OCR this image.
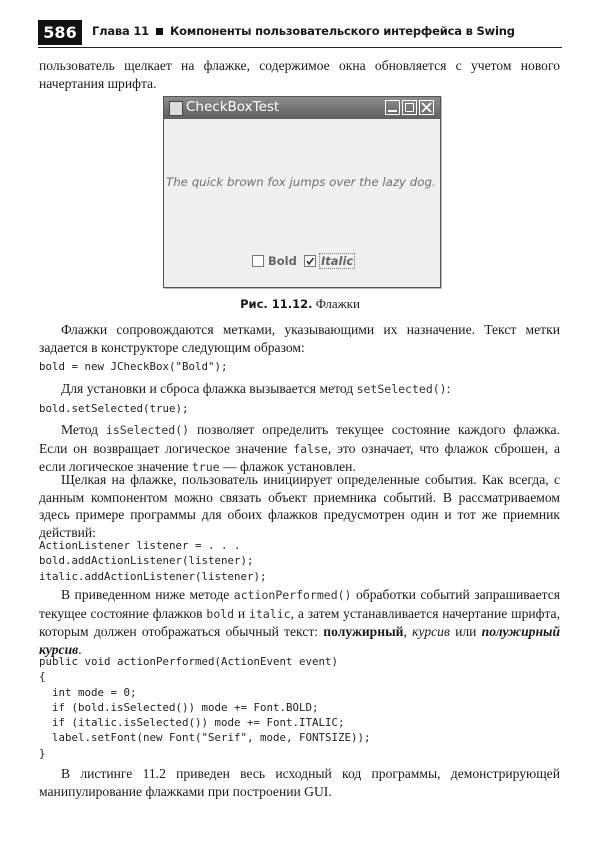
586	Глава 11 Компоненты пользовательского интерфейса в Swing

пользователь щелкает на флажке, содержимое окна обновляется с учетом нового начертания шрифта.

CheckBoxTest
The quick brown fox jumps over the lazy dog.
Bold Italic
Рис. 11.12. Флажки

Флажки сопровождаются метками, указывающими их назначение. Текст метки задается в конструкторе следующим образом:

bold = new JCheckBox("Bold");

Для установки и сброса флажка вызывается метод setSelected():

bold.setSelected(true);

Метод isSelected() позволяет определить текущее состояние каждого флажка. Если он возвращает логическое значение false, это означает, что флажок сброшен, а если логическое значение true — флажок установлен.

Щелкая на флажке, пользователь инициирует определенные события. Как всегда, с данным компонентом можно связать объект приемника событий. В рассматриваемом здесь примере программы для обоих флажков предусмотрен один и тот же приемник действий:

ActionListener listener = . . .
bold.addActionListener(listener);
italic.addActionListener(listener);

В приведенном ниже методе actionPerformed() обработки событий запрашивается текущее состояние флажков bold и italic, а затем устанавливается начертание шрифта, которым должен отображаться обычный текст: полужирный, курсив или полужирный курсив.

public void actionPerformed(ActionEvent event)
{
int mode = 0;
if (bold.isSelected()) mode += Font.BOLD;
if (italic.isSelected()) mode += Font.ITALIC;
label.setFont(new Font("Serif", mode, FONTSIZE));
}

В листинге 11.2 приведен весь исходный код программы, демонстрирующей манипулирование флажками при построении GUI.
